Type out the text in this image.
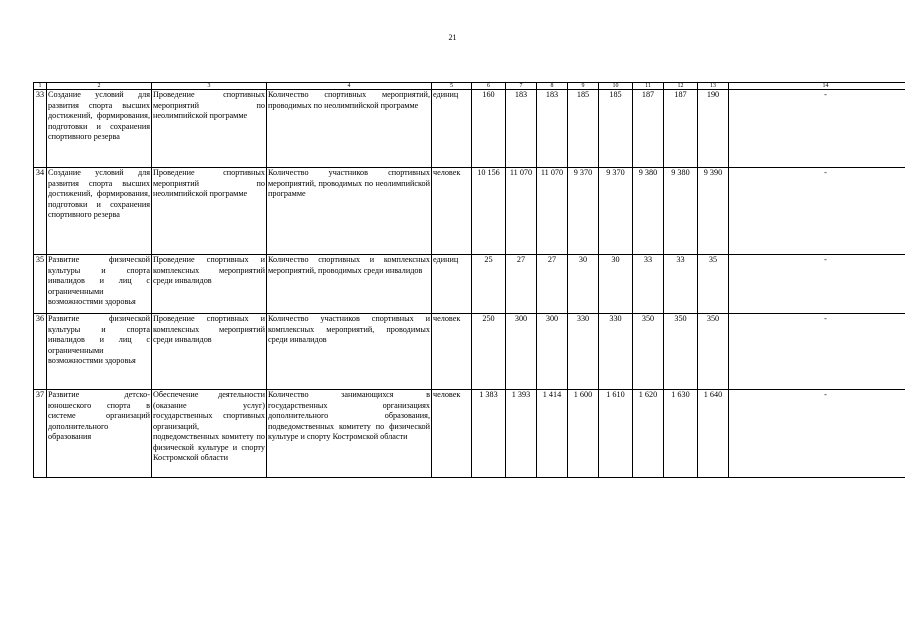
21
1	2	3	4	5	6	7	8	9	10	11	12	13	14
33	Создание условий для развития спорта высших достижений, формирования, подготовки и сохранения спортивного резерва	Проведение спортивных мероприятий по неолимпийской программе	Количество спортивных мероприятий, проводимых по неолимпийской программе	единиц	160	183	183	185	185	187	187	190	-
34	Создание условий для развития спорта высших достижений, формирования, подготовки и сохранения спортивного резерва	Проведение спортивных мероприятий по неолимпийской программе	Количество участников спортивных мероприятий, проводимых по неолимпийской программе	человек	10 156	11 070	11 070	9 370	9 370	9 380	9 380	9 390	-
35	Развитие физической культуры и спорта инвалидов и лиц с ограниченными возможностями здоровья	Проведение спортивных и комплексных мероприятий среди инвалидов	Количество спортивных и комплексных мероприятий, проводимых среди инвалидов	единиц	25	27	27	30	30	33	33	35	-
36	Развитие физической культуры и спорта инвалидов и лиц с ограниченными возможностями здоровья	Проведение спортивных и комплексных мероприятий среди инвалидов	Количество участников спортивных и комплексных мероприятий, проводимых среди инвалидов	человек	250	300	300	330	330	350	350	350	-
37	Развитие детско-юношеского спорта в системе организаций дополнительного образования	Обеспечение деятельности (оказание услуг) государственных спортивных организаций, подведомственных комитету по физической культуре и спорту Костромской области	Количество занимающихся в государственных организациях дополнительного образования, подведомственных комитету по физической культуре и спорту Костромской области	человек	1 383	1 393	1 414	1 600	1 610	1 620	1 630	1 640	-
